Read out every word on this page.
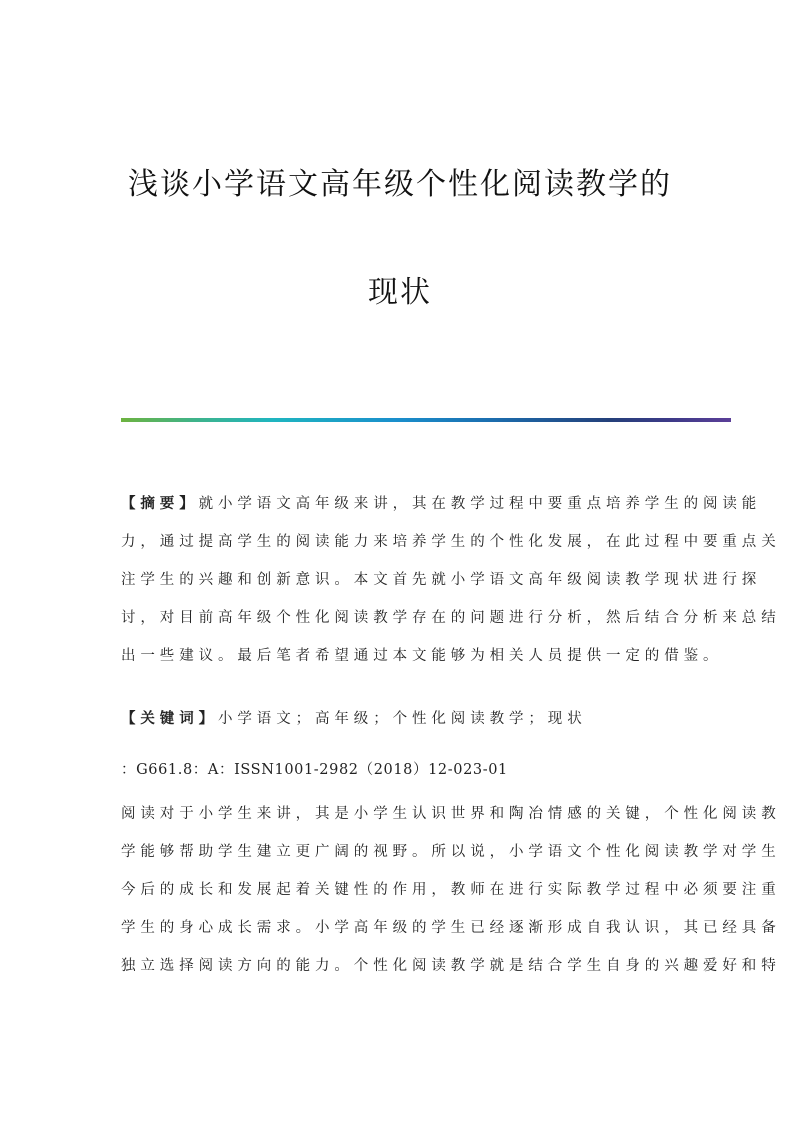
浅谈小学语文高年级个性化阅读教学的
现状
【摘要】就小学语文高年级来讲，其在教学过程中要重点培养学生的阅读能
力，通过提高学生的阅读能力来培养学生的个性化发展，在此过程中要重点关
注学生的兴趣和创新意识。本文首先就小学语文高年级阅读教学现状进行探
讨，对目前高年级个性化阅读教学存在的问题进行分析，然后结合分析来总结
出一些建议。最后笔者希望通过本文能够为相关人员提供一定的借鉴。
【关键词】小学语文；高年级；个性化阅读教学；现状
：G661.8：A：ISSN1001-2982（2018）12-023-01
阅读对于小学生来讲，其是小学生认识世界和陶冶情感的关键，个性化阅读教
学能够帮助学生建立更广阔的视野。所以说，小学语文个性化阅读教学对学生
今后的成长和发展起着关键性的作用，教师在进行实际教学过程中必须要注重
学生的身心成长需求。小学高年级的学生已经逐渐形成自我认识，其已经具备
独立选择阅读方向的能力。个性化阅读教学就是结合学生自身的兴趣爱好和特
